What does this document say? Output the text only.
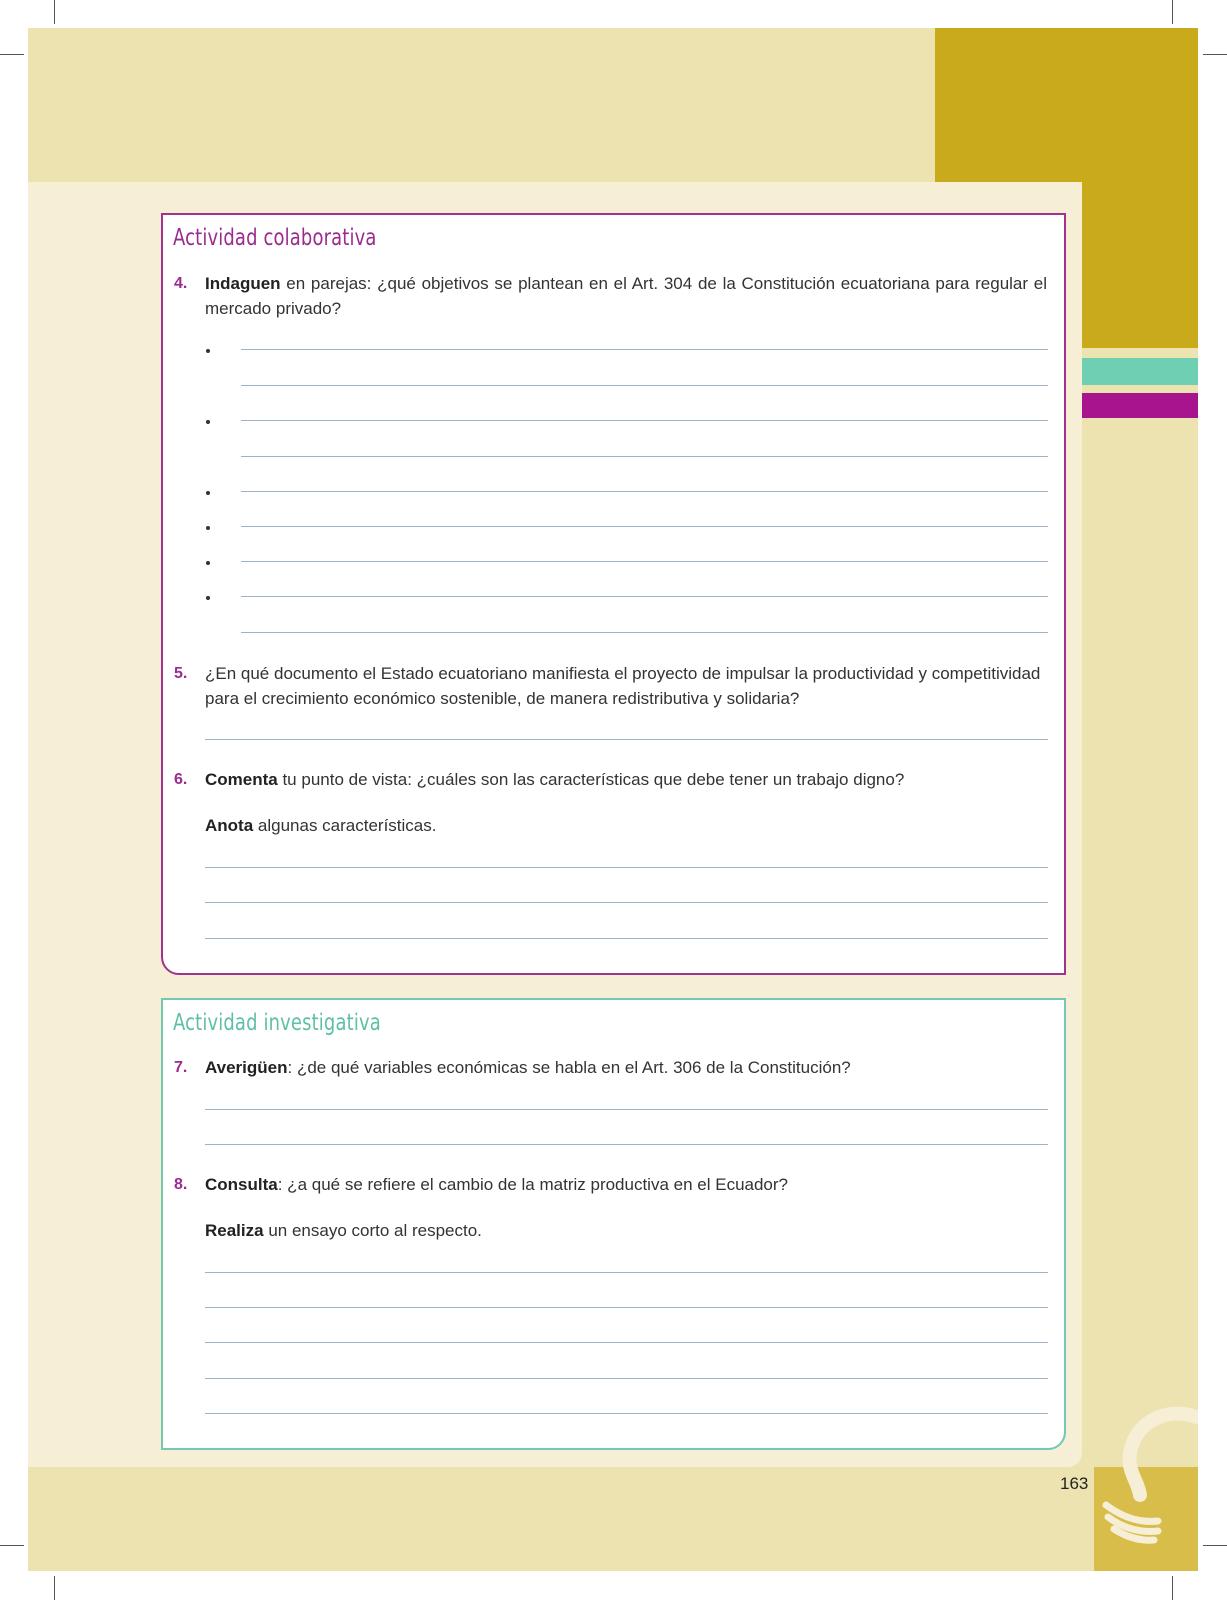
Actividad colaborativa
4. Indaguen en parejas: ¿qué objetivos se plantean en el Art. 304 de la Constitución ecuatoriana para regular el mercado privado?
5. ¿En qué documento el Estado ecuatoriano manifiesta el proyecto de impulsar la productividad y competitividad para el crecimiento económico sostenible, de manera redistributiva y solidaria?
6. Comenta tu punto de vista: ¿cuáles son las características que debe tener un trabajo digno?
Anota algunas características.
Actividad investigativa
7. Averigüen: ¿de qué variables económicas se habla en el Art. 306 de la Constitución?
8. Consulta: ¿a qué se refiere el cambio de la matriz productiva en el Ecuador?
Realiza un ensayo corto al respecto.
163
